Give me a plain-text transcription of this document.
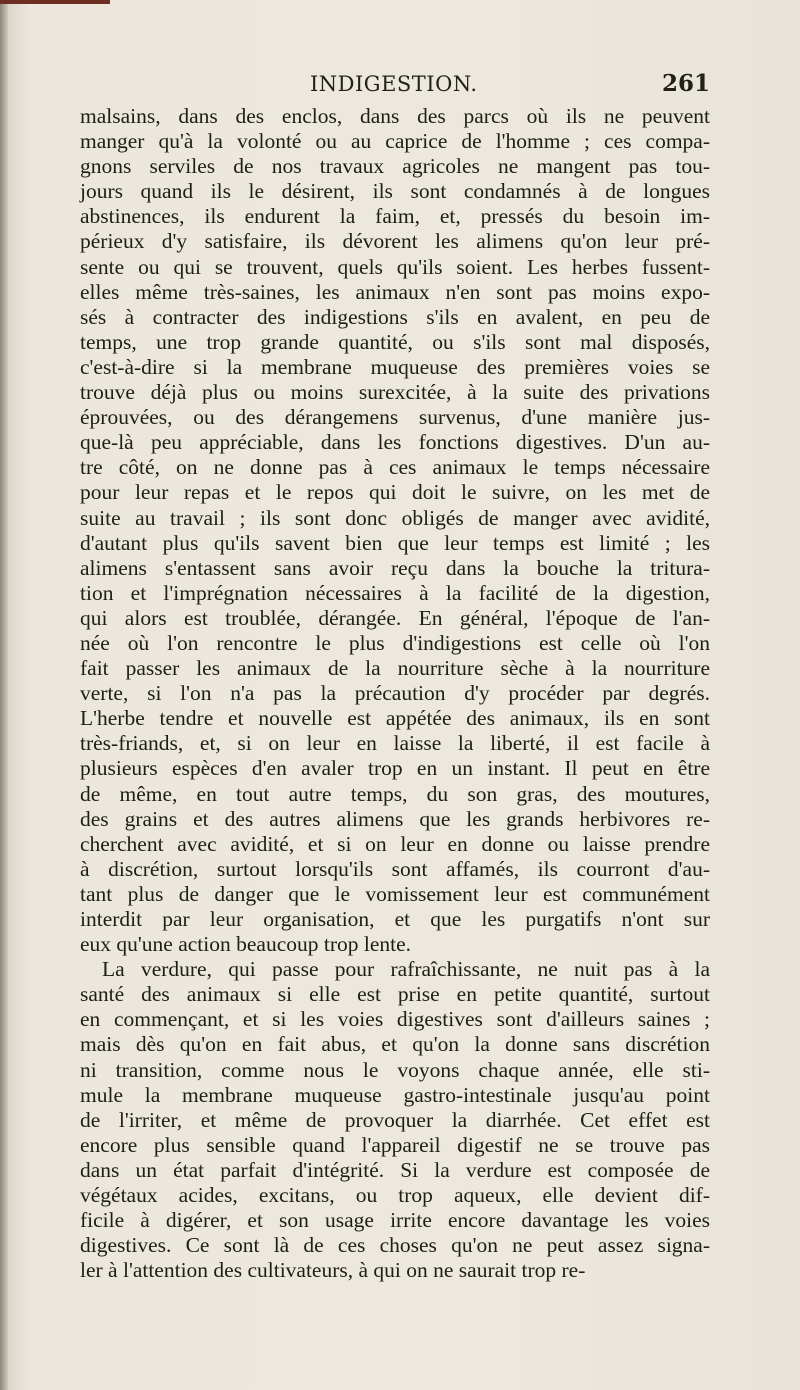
INDIGESTION.	261
malsains, dans des enclos, dans des parcs où ils ne peuvent
manger qu'à la volonté ou au caprice de l'homme ; ces compa-
gnons serviles de nos travaux agricoles ne mangent pas tou-
jours quand ils le désirent, ils sont condamnés à de longues
abstinences, ils endurent la faim, et, pressés du besoin im-
périeux d'y satisfaire, ils dévorent les alimens qu'on leur pré-
sente ou qui se trouvent, quels qu'ils soient. Les herbes fussent-
elles même très-saines, les animaux n'en sont pas moins expo-
sés à contracter des indigestions s'ils en avalent, en peu de
temps, une trop grande quantité, ou s'ils sont mal disposés,
c'est-à-dire si la membrane muqueuse des premières voies se
trouve déjà plus ou moins surexcitée, à la suite des privations
éprouvées, ou des dérangemens survenus, d'une manière jus-
que-là peu appréciable, dans les fonctions digestives. D'un au-
tre côté, on ne donne pas à ces animaux le temps nécessaire
pour leur repas et le repos qui doit le suivre, on les met de
suite au travail ; ils sont donc obligés de manger avec avidité,
d'autant plus qu'ils savent bien que leur temps est limité ; les
alimens s'entassent sans avoir reçu dans la bouche la tritura-
tion et l'imprégnation nécessaires à la facilité de la digestion,
qui alors est troublée, dérangée. En général, l'époque de l'an-
née où l'on rencontre le plus d'indigestions est celle où l'on
fait passer les animaux de la nourriture sèche à la nourriture
verte, si l'on n'a pas la précaution d'y procéder par degrés.
L'herbe tendre et nouvelle est appétée des animaux, ils en sont
très-friands, et, si on leur en laisse la liberté, il est facile à
plusieurs espèces d'en avaler trop en un instant. Il peut en être
de même, en tout autre temps, du son gras, des moutures,
des grains et des autres alimens que les grands herbivores re-
cherchent avec avidité, et si on leur en donne ou laisse prendre
à discrétion, surtout lorsqu'ils sont affamés, ils courront d'au-
tant plus de danger que le vomissement leur est communément
interdit par leur organisation, et que les purgatifs n'ont sur
eux qu'une action beaucoup trop lente.
La verdure, qui passe pour rafraîchissante, ne nuit pas à la
santé des animaux si elle est prise en petite quantité, surtout
en commençant, et si les voies digestives sont d'ailleurs saines ;
mais dès qu'on en fait abus, et qu'on la donne sans discrétion
ni transition, comme nous le voyons chaque année, elle sti-
mule la membrane muqueuse gastro-intestinale jusqu'au point
de l'irriter, et même de provoquer la diarrhée. Cet effet est
encore plus sensible quand l'appareil digestif ne se trouve pas
dans un état parfait d'intégrité. Si la verdure est composée de
végétaux acides, excitans, ou trop aqueux, elle devient dif-
ficile à digérer, et son usage irrite encore davantage les voies
digestives. Ce sont là de ces choses qu'on ne peut assez signa-
ler à l'attention des cultivateurs, à qui on ne saurait trop re-
